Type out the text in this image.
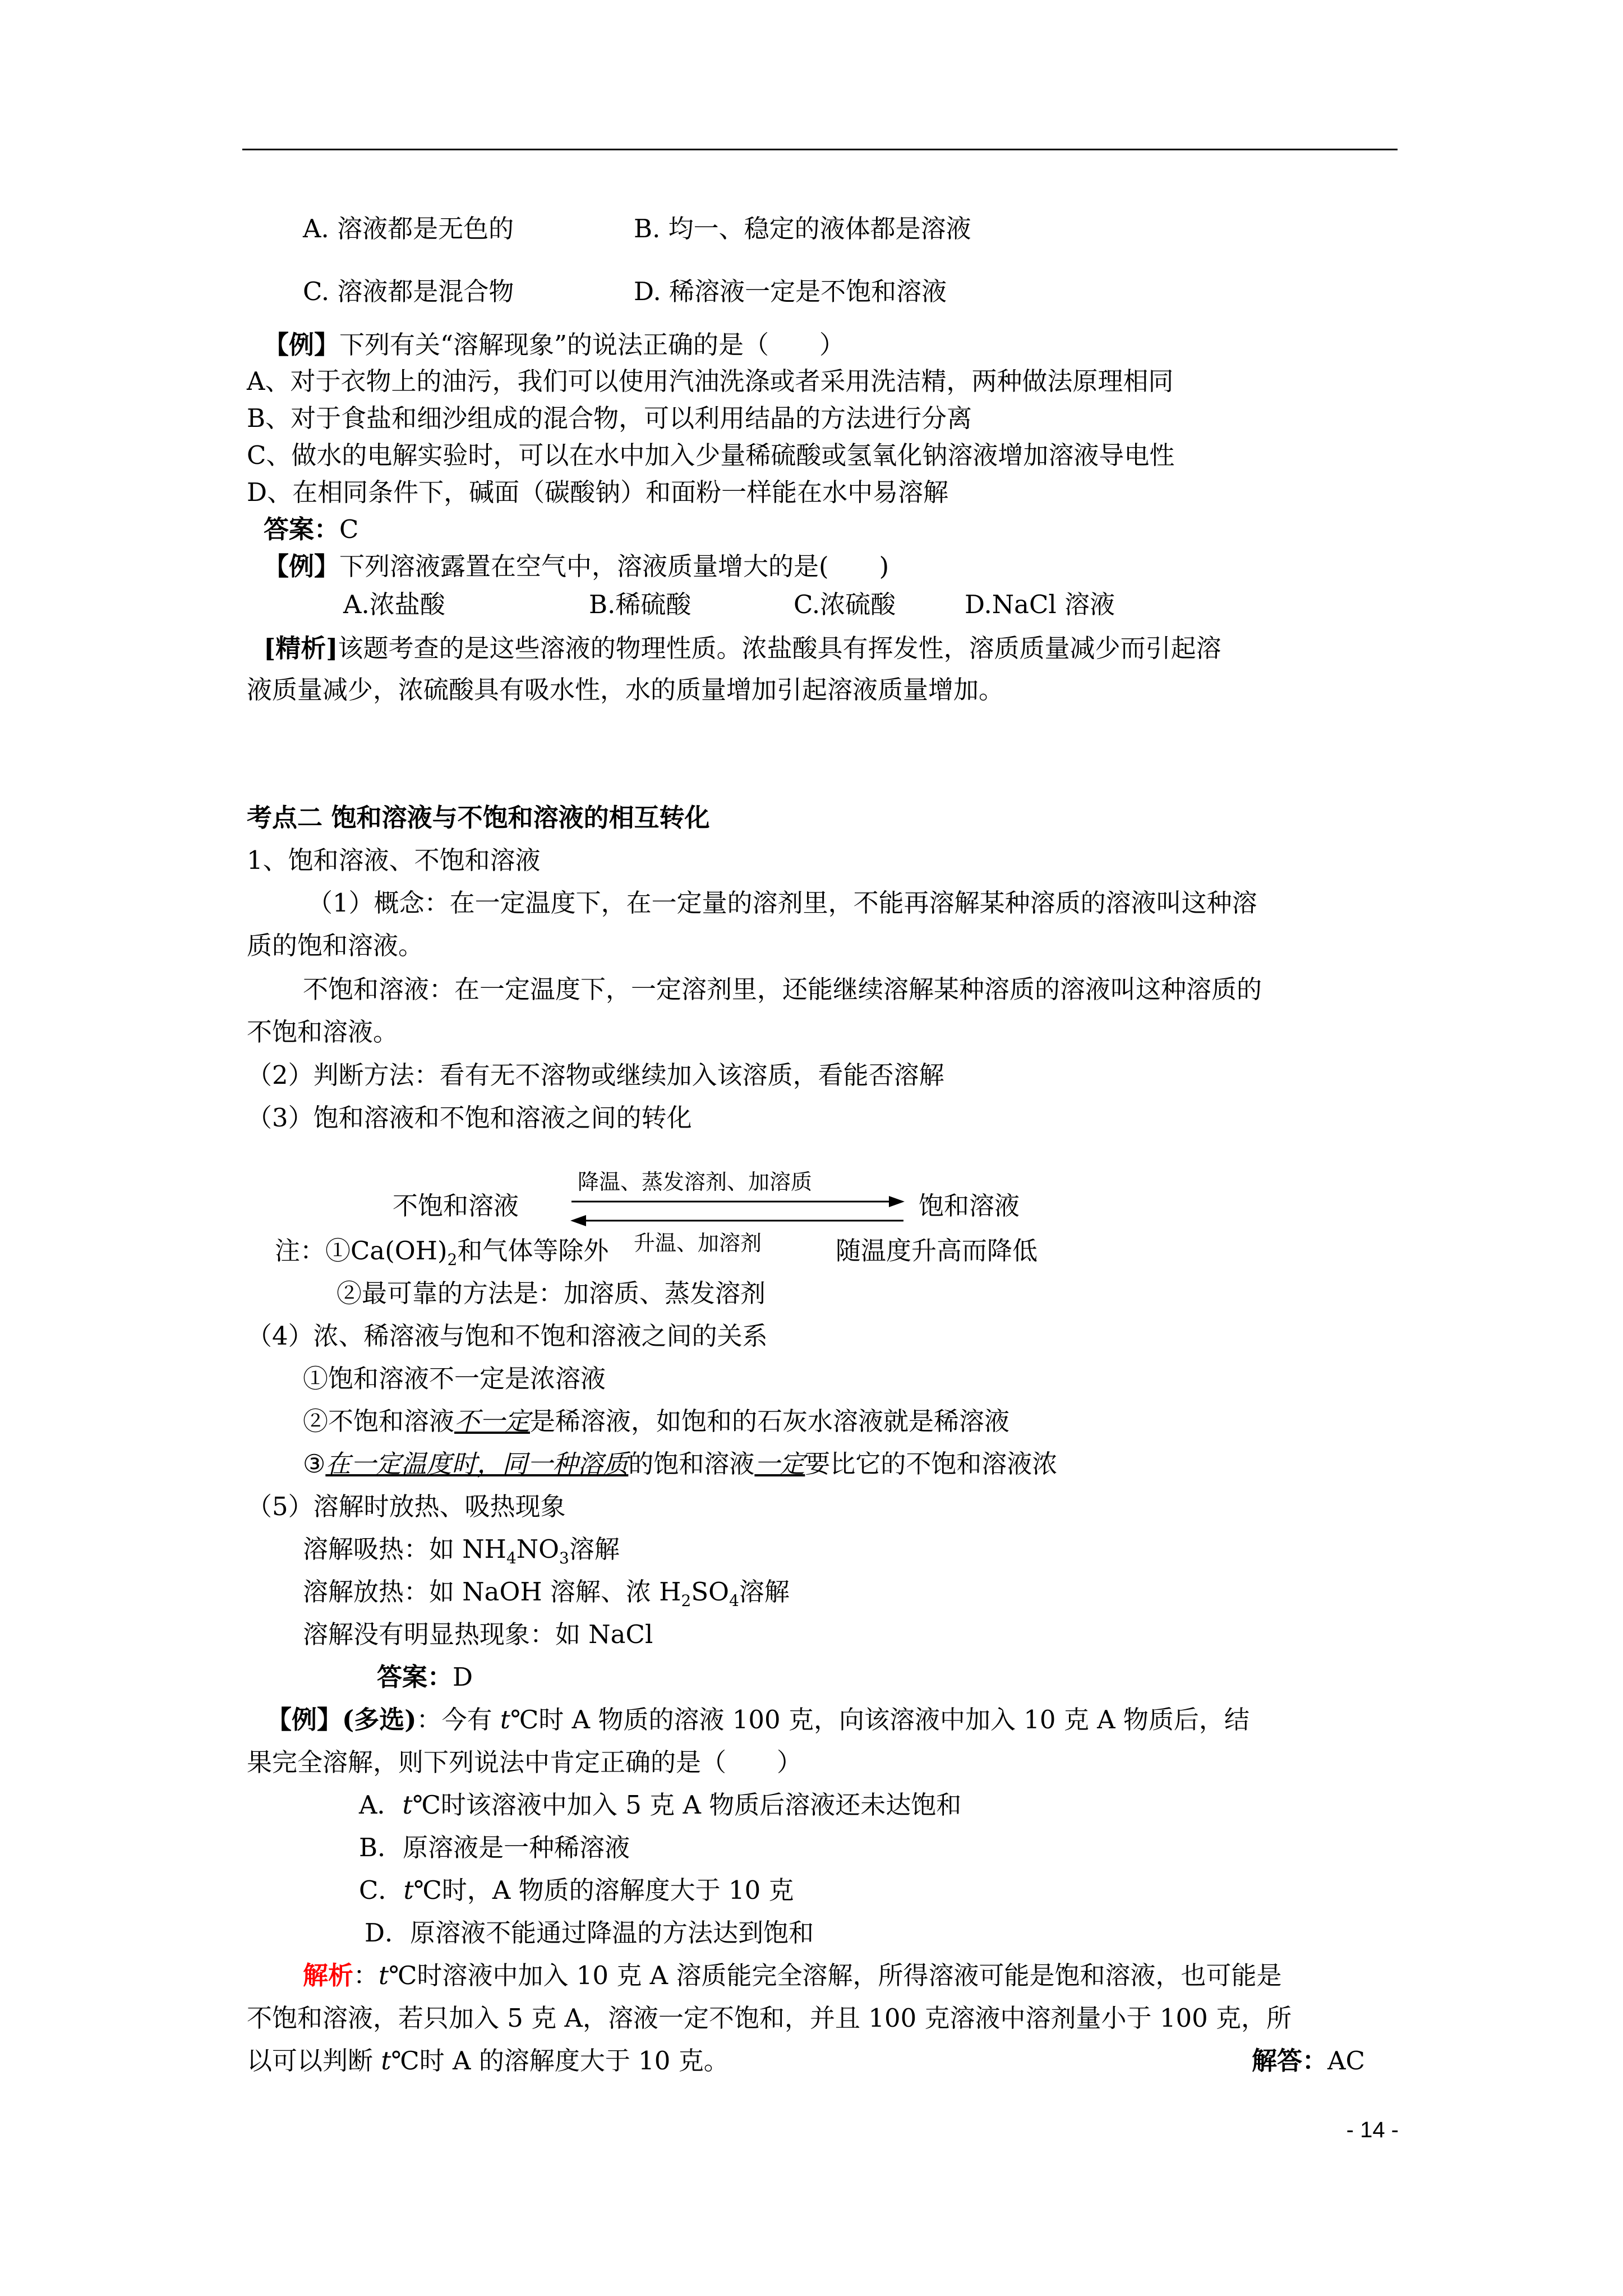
A. 溶液都是无色的	B. 均一、稳定的液体都是溶液
C. 溶液都是混合物	D. 稀溶液一定是不饱和溶液
【例】下列有关“溶解现象”的说法正确的是（　　）
A、对于衣物上的油污，我们可以使用汽油洗涤或者采用洗洁精，两种做法原理相同
B、对于食盐和细沙组成的混合物，可以利用结晶的方法进行分离
C、做水的电解实验时，可以在水中加入少量稀硫酸或氢氧化钠溶液增加溶液导电性
D、在相同条件下，碱面（碳酸钠）和面粉一样能在水中易溶解
答案：C
【例】下列溶液露置在空气中，溶液质量增大的是(　　)
A.浓盐酸	B.稀硫酸	C.浓硫酸	D.NaCl 溶液
[精析]该题考查的是这些溶液的物理性质。浓盐酸具有挥发性，溶质质量减少而引起溶
液质量减少，浓硫酸具有吸水性，水的质量增加引起溶液质量增加。
考点二 饱和溶液与不饱和溶液的相互转化
1、饱和溶液、不饱和溶液
（1）概念：在一定温度下，在一定量的溶剂里，不能再溶解某种溶质的溶液叫这种溶
质的饱和溶液。
不饱和溶液：在一定温度下，一定溶剂里，还能继续溶解某种溶质的溶液叫这种溶质的
不饱和溶液。
（2）判断方法：看有无不溶物或继续加入该溶质，看能否溶解
（3）饱和溶液和不饱和溶液之间的转化
不饱和溶液	饱和溶液
降温、蒸发溶剂、加溶质
升温、加溶剂
注：$①Ca(OH)_2$和气体等除外	随温度升高而降低
②最可靠的方法是：加溶质、蒸发溶剂
（4）浓、稀溶液与饱和不饱和溶液之间的关系
①饱和溶液不一定是浓溶液
②不饱和溶液不一定是稀溶液，如饱和的石灰水溶液就是稀溶液
③在一定温度时，同一种溶质的饱和溶液一定要比它的不饱和溶液浓
（5）溶解时放热、吸热现象
溶解吸热：如 $NH_4NO_3$溶解
溶解放热：如 NaOH 溶解、浓 $H_2SO_4$溶解
溶解没有明显热现象：如 NaCl
答案：D
【例】(多选)：今有 t℃时 A 物质的溶液 100 克，向该溶液中加入 10 克 A 物质后，结
果完全溶解，则下列说法中肯定正确的是（　　）
A．t℃时该溶液中加入 5 克 A 物质后溶液还未达饱和
B．原溶液是一种稀溶液
C．t℃时，A 物质的溶解度大于 10 克
D．原溶液不能通过降温的方法达到饱和
解析：t℃时溶液中加入 10 克 A 溶质能完全溶解，所得溶液可能是饱和溶液，也可能是
不饱和溶液，若只加入 5 克 A，溶液一定不饱和，并且 100 克溶液中溶剂量小于 100 克，所
以可以判断 t℃时 A 的溶解度大于 10 克。	解答：AC
- 14 -
